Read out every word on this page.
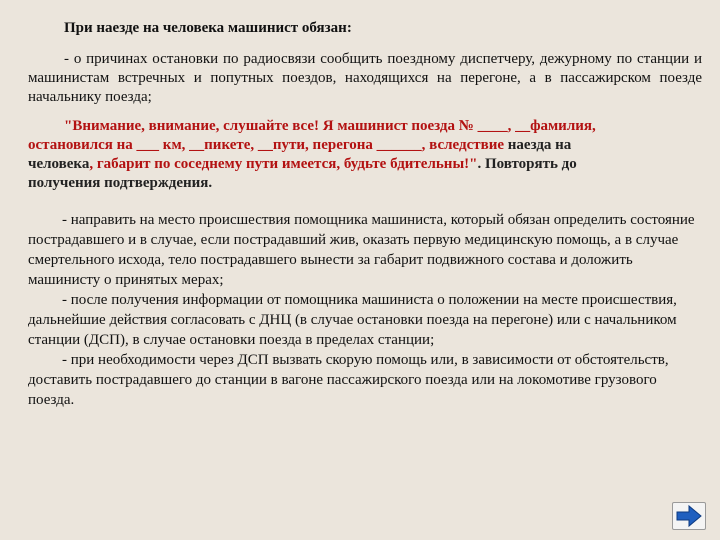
При наезде на человека машинист обязан:
- о причинах остановки по радиосвязи сообщить поездному диспетчеру, дежурному по станции и машинистам встречных и попутных поездов, находящихся на перегоне, а в пассажирском поезде начальнику поезда;
"Внимание, внимание, слушайте все! Я машинист поезда № ____, __фамилия, остановился на ___ км, __пикете, __пути, перегона ______, вследствие наезда на человека, габарит по соседнему пути имеется, будьте бдительны!". Повторять до получения подтверждения.

- направить на место происшествия помощника машиниста, который обязан определить состояние пострадавшего и в случае, если пострадавший жив, оказать первую медицинскую помощь, а в случае смертельного исхода, тело пострадавшего вынести за габарит подвижного состава и доложить машинисту о принятых мерах;

- после получения информации от помощника машиниста о положении на месте происшествия, дальнейшие действия согласовать с ДНЦ (в случае остановки поезда на перегоне) или с начальником станции (ДСП), в случае остановки поезда в пределах станции;

- при необходимости через ДСП вызвать скорую помощь или, в зависимости от обстоятельств, доставить пострадавшего до станции в вагоне пассажирского поезда или на локомотиве грузового поезда.
